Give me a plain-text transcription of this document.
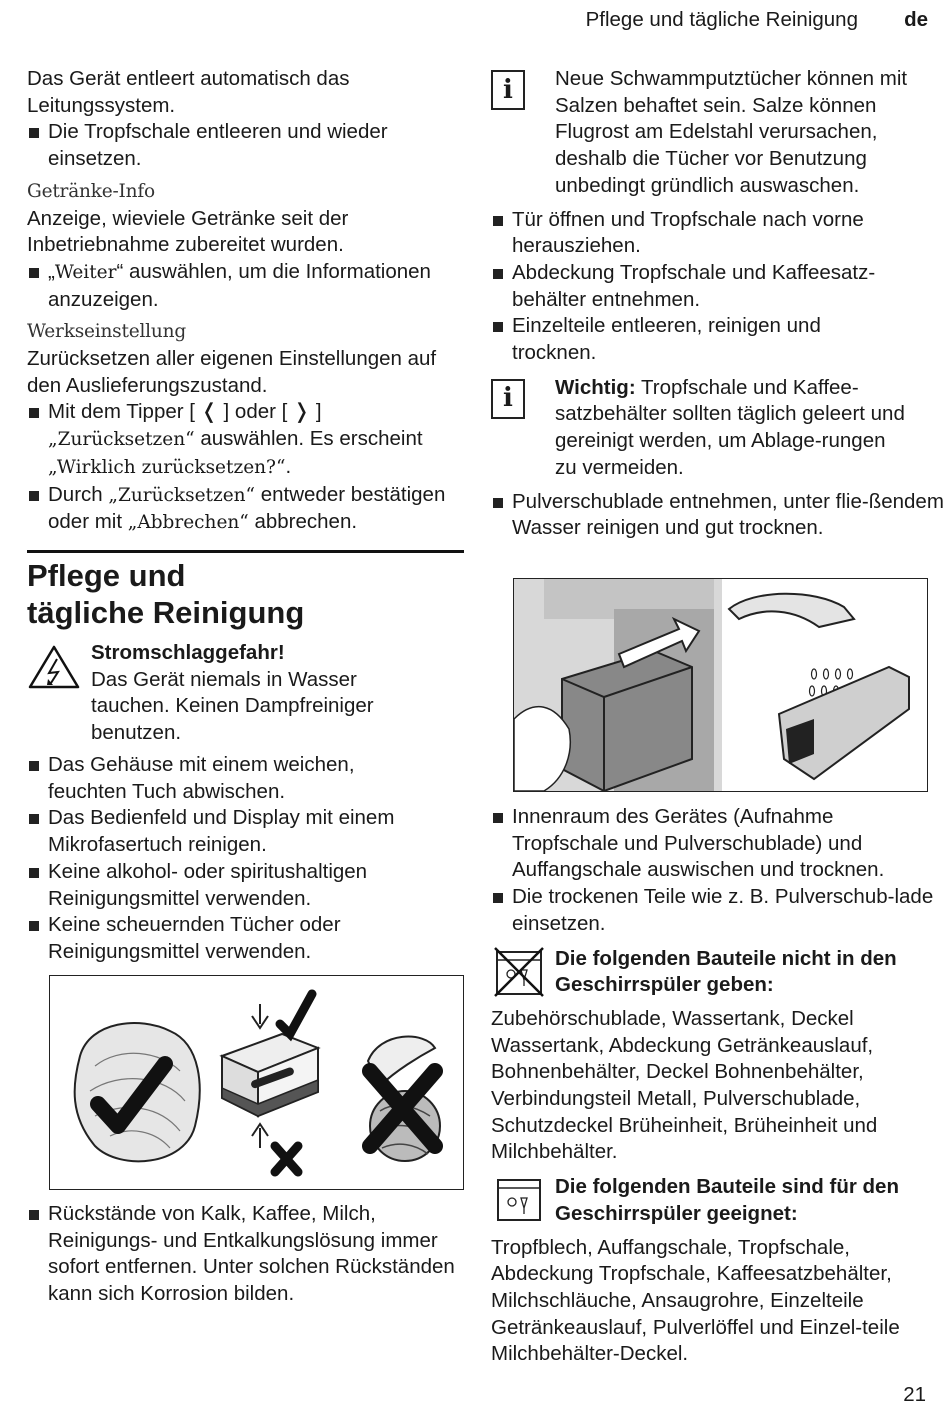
Pflege und tägliche Reinigung de

Das Gerät entleert automatisch das Leitungssystem.

Die Tropfschale entleeren und wieder einsetzen.

Getränke-Info

Anzeige, wieviele Getränke seit der Inbetriebnahme zubereitet wurden.

„Weiter“ auswählen, um die Informationen anzuzeigen.

Werkseinstellung

Zurücksetzen aller eigenen Einstellungen auf den Auslieferungszustand.

Mit dem Tipper [ ❬ ] oder [ ❭ ]
„Zurücksetzen“ auswählen. Es erscheint
„Wirklich zurücksetzen?“.

Durch „Zurücksetzen“ entweder bestätigen oder mit „Abbrechen“ abbrechen.

Pflege und
tägliche Reinigung

Stromschlaggefahr!

Das Gerät niemals in Wasser tauchen. Keinen Dampfreiniger benutzen.

Das Gehäuse mit einem weichen, feuchten Tuch abwischen.

Das Bedienfeld und Display mit einem Mikrofasertuch reinigen.

Keine alkohol- oder spiritushaltigen Reinigungsmittel verwenden.

Keine scheuernden Tücher oder Reinigungsmittel verwenden.

Rückstände von Kalk, Kaffee, Milch, Reinigungs- und Entkalkungslösung immer sofort entfernen. Unter solchen Rückständen kann sich Korrosion bilden.

i	Neue Schwammputztücher können mit Salzen behaftet sein. Salze können Flugrost am Edelstahl verursachen, deshalb die Tücher vor Benutzung unbedingt gründlich auswaschen.

Tür öffnen und Tropfschale nach vorne herausziehen.

Abdeckung Tropfschale und Kaffeesatz-behälter entnehmen.

Einzelteile entleeren, reinigen und trocknen.

i	Wichtig: Tropfschale und Kaffee-satzbehälter sollten täglich geleert und gereinigt werden, um Ablage-rungen zu vermeiden.

Pulverschublade entnehmen, unter flie-ßendem Wasser reinigen und gut trocknen.

Innenraum des Gerätes (Aufnahme Tropfschale und Pulverschublade) und Auffangschale auswischen und trocknen.

Die trockenen Teile wie z. B. Pulverschub-lade einsetzen.

Die folgenden Bauteile nicht in den Geschirrspüler geben:

Zubehörschublade, Wassertank, Deckel Wassertank, Abdeckung Getränkeauslauf, Bohnenbehälter, Deckel Bohnenbehälter, Verbindungsteil Metall, Pulverschublade, Schutzdeckel Brüheinheit, Brüheinheit und Milchbehälter.

Die folgenden Bauteile sind für den Geschirrspüler geeignet:

Tropfblech, Auffangschale, Tropfschale, Abdeckung Tropfschale, Kaffeesatzbehälter, Milchschläuche, Ansaugrohre, Einzelteile Getränkeauslauf, Pulverlöffel und Einzel-teile Milchbehälter-Deckel.

21
